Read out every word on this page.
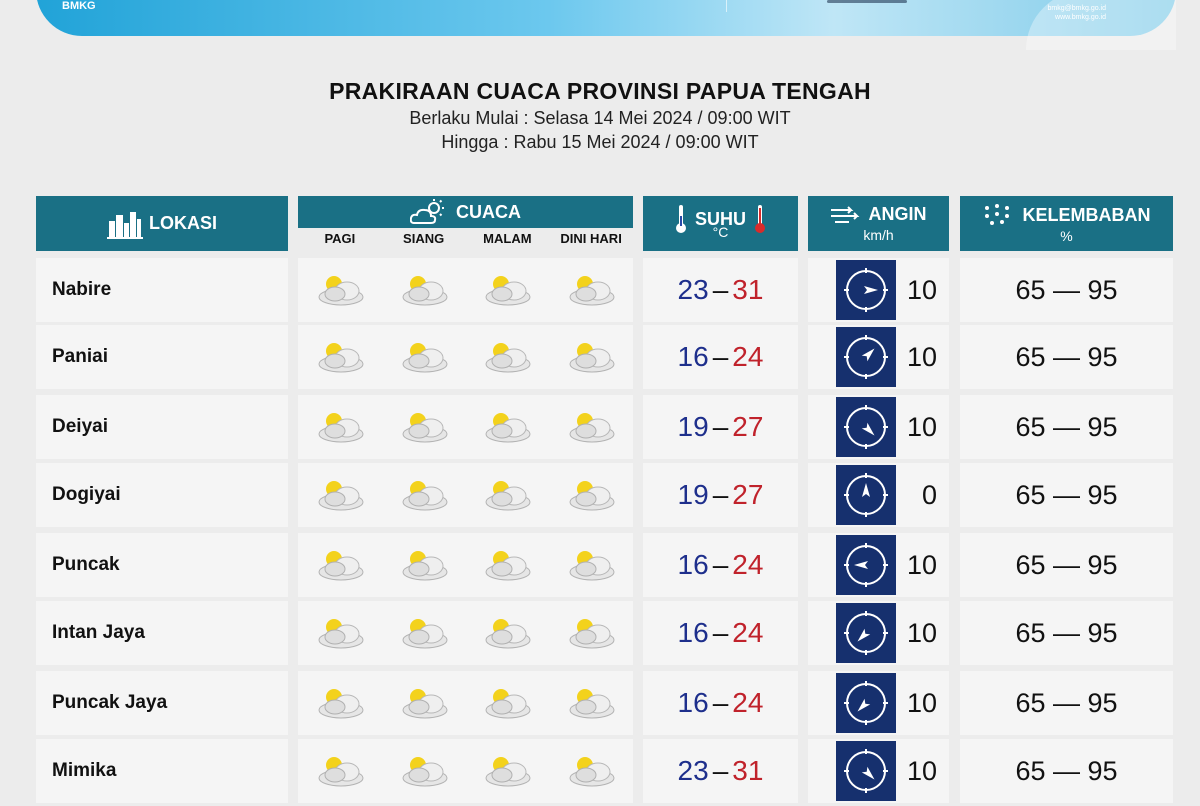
BMKG	bmkg@bmkg.go.id
www.bmkg.go.id
PRAKIRAAN CUACA PROVINSI PAPUA TENGAH
Berlaku Mulai : Selasa 14 Mei 2024 / 09:00 WIT
Hingga : Rabu 15 Mei 2024 / 09:00 WIT
LOKASI
CUACA
PAGI	SIANG	MALAM	DINI HARI
SUHU
°C
ANGIN
km/h
KELEMBABAN
%
Nabire	23 – 31	10	65 — 95
Paniai	16 – 24	10	65 — 95
Deiyai	19 – 27	10	65 — 95
Dogiyai	19 – 27	0	65 — 95
Puncak	16 – 24	10	65 — 95
Intan Jaya	16 – 24	10	65 — 95
Puncak Jaya	16 – 24	10	65 — 95
Mimika	23 – 31	10	65 — 95
